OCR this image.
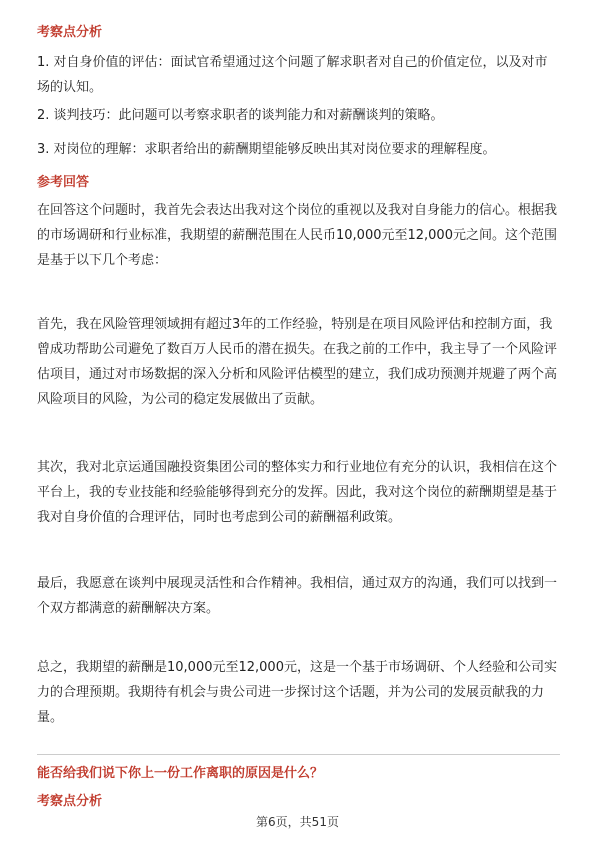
考察点分析

1. 对自身价值的评估：面试官希望通过这个问题了解求职者对自己的价值定位，以及对市场的认知。

2. 谈判技巧：此问题可以考察求职者的谈判能力和对薪酬谈判的策略。

3. 对岗位的理解：求职者给出的薪酬期望能够反映出其对岗位要求的理解程度。

参考回答

在回答这个问题时，我首先会表达出我对这个岗位的重视以及我对自身能力的信心。根据我的市场调研和行业标准，我期望的薪酬范围在人民币10,000元至12,000元之间。这个范围是基于以下几个考虑：

首先，我在风险管理领域拥有超过3年的工作经验，特别是在项目风险评估和控制方面，我曾成功帮助公司避免了数百万人民币的潜在损失。在我之前的工作中，我主导了一个风险评估项目，通过对市场数据的深入分析和风险评估模型的建立，我们成功预测并规避了两个高风险项目的风险，为公司的稳定发展做出了贡献。

其次，我对北京运通国融投资集团公司的整体实力和行业地位有充分的认识，我相信在这个平台上，我的专业技能和经验能够得到充分的发挥。因此，我对这个岗位的薪酬期望是基于我对自身价值的合理评估，同时也考虑到公司的薪酬福利政策。

最后，我愿意在谈判中展现灵活性和合作精神。我相信，通过双方的沟通，我们可以找到一个双方都满意的薪酬解决方案。

总之，我期望的薪酬是10,000元至12,000元，这是一个基于市场调研、个人经验和公司实力的合理预期。我期待有机会与贵公司进一步探讨这个话题，并为公司的发展贡献我的力量。

能否给我们说下你上一份工作离职的原因是什么？
考察点分析
第6页，共51页
